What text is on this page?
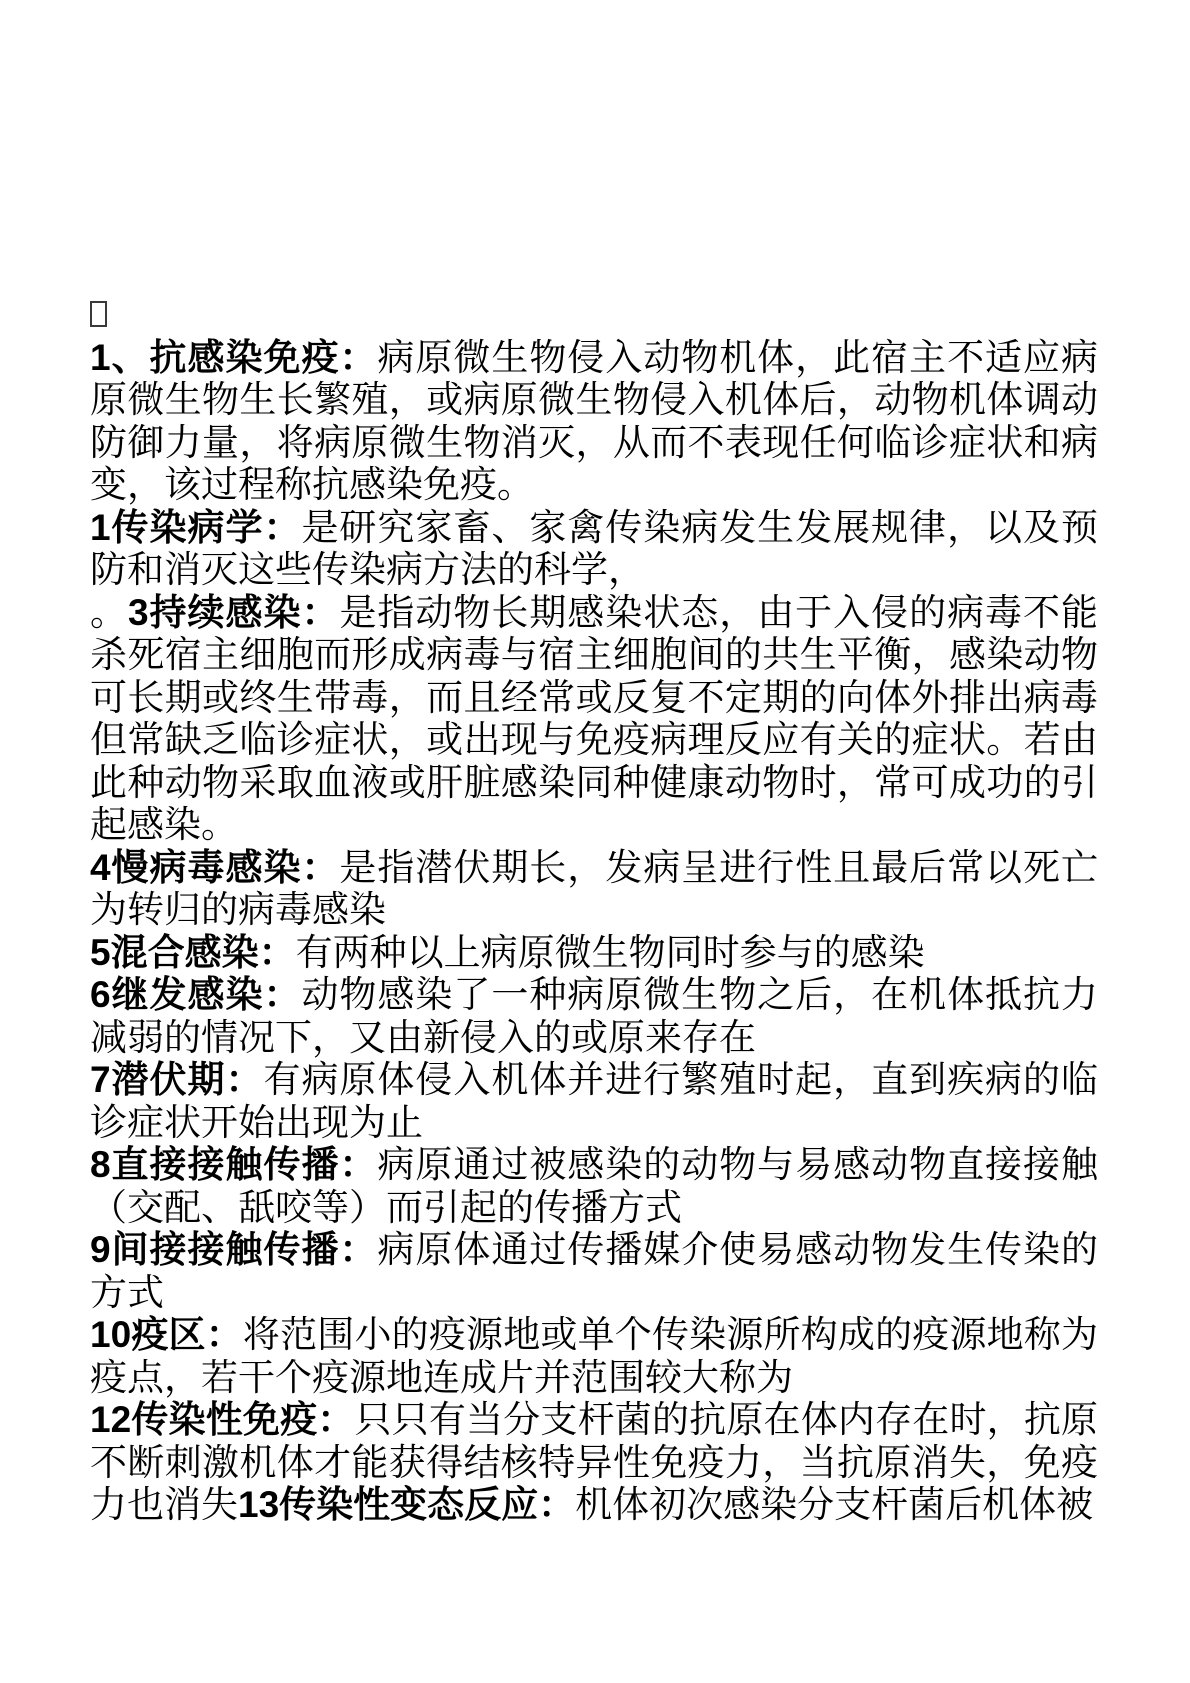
1、抗感染免疫：病原微生物侵入动物机体，此宿主不适应病原微生物生长繁殖，或病原微生物侵入机体后，动物机体调动防御力量，将病原微生物消灭，从而不表现任何临诊症状和病变，该过程称抗感染免疫。

1传染病学：是研究家畜、家禽传染病发生发展规律，以及预防和消灭这些传染病方法的科学，

。3持续感染：是指动物长期感染状态，由于入侵的病毒不能杀死宿主细胞而形成病毒与宿主细胞间的共生平衡，感染动物可长期或终生带毒，而且经常或反复不定期的向体外排出病毒但常缺乏临诊症状，或出现与免疫病理反应有关的症状。若由此种动物采取血液或肝脏感染同种健康动物时，常可成功的引起感染。

4慢病毒感染：是指潜伏期长，发病呈进行性且最后常以死亡为转归的病毒感染

5混合感染：有两种以上病原微生物同时参与的感染

6继发感染：动物感染了一种病原微生物之后，在机体抵抗力减弱的情况下，又由新侵入的或原来存在

7潜伏期：有病原体侵入机体并进行繁殖时起，直到疾病的临诊症状开始出现为止

8直接接触传播：病原通过被感染的动物与易感动物直接接触（交配、舐咬等）而引起的传播方式

9间接接触传播：病原体通过传播媒介使易感动物发生传染的方式

10疫区：将范围小的疫源地或单个传染源所构成的疫源地称为疫点，若干个疫源地连成片并范围较大称为

12传染性免疫：只只有当分支杆菌的抗原在体内存在时，抗原不断刺激机体才能获得结核特异性免疫力，当抗原消失，免疫力也消失13传染性变态反应：机体初次感染分支杆菌后机体被
